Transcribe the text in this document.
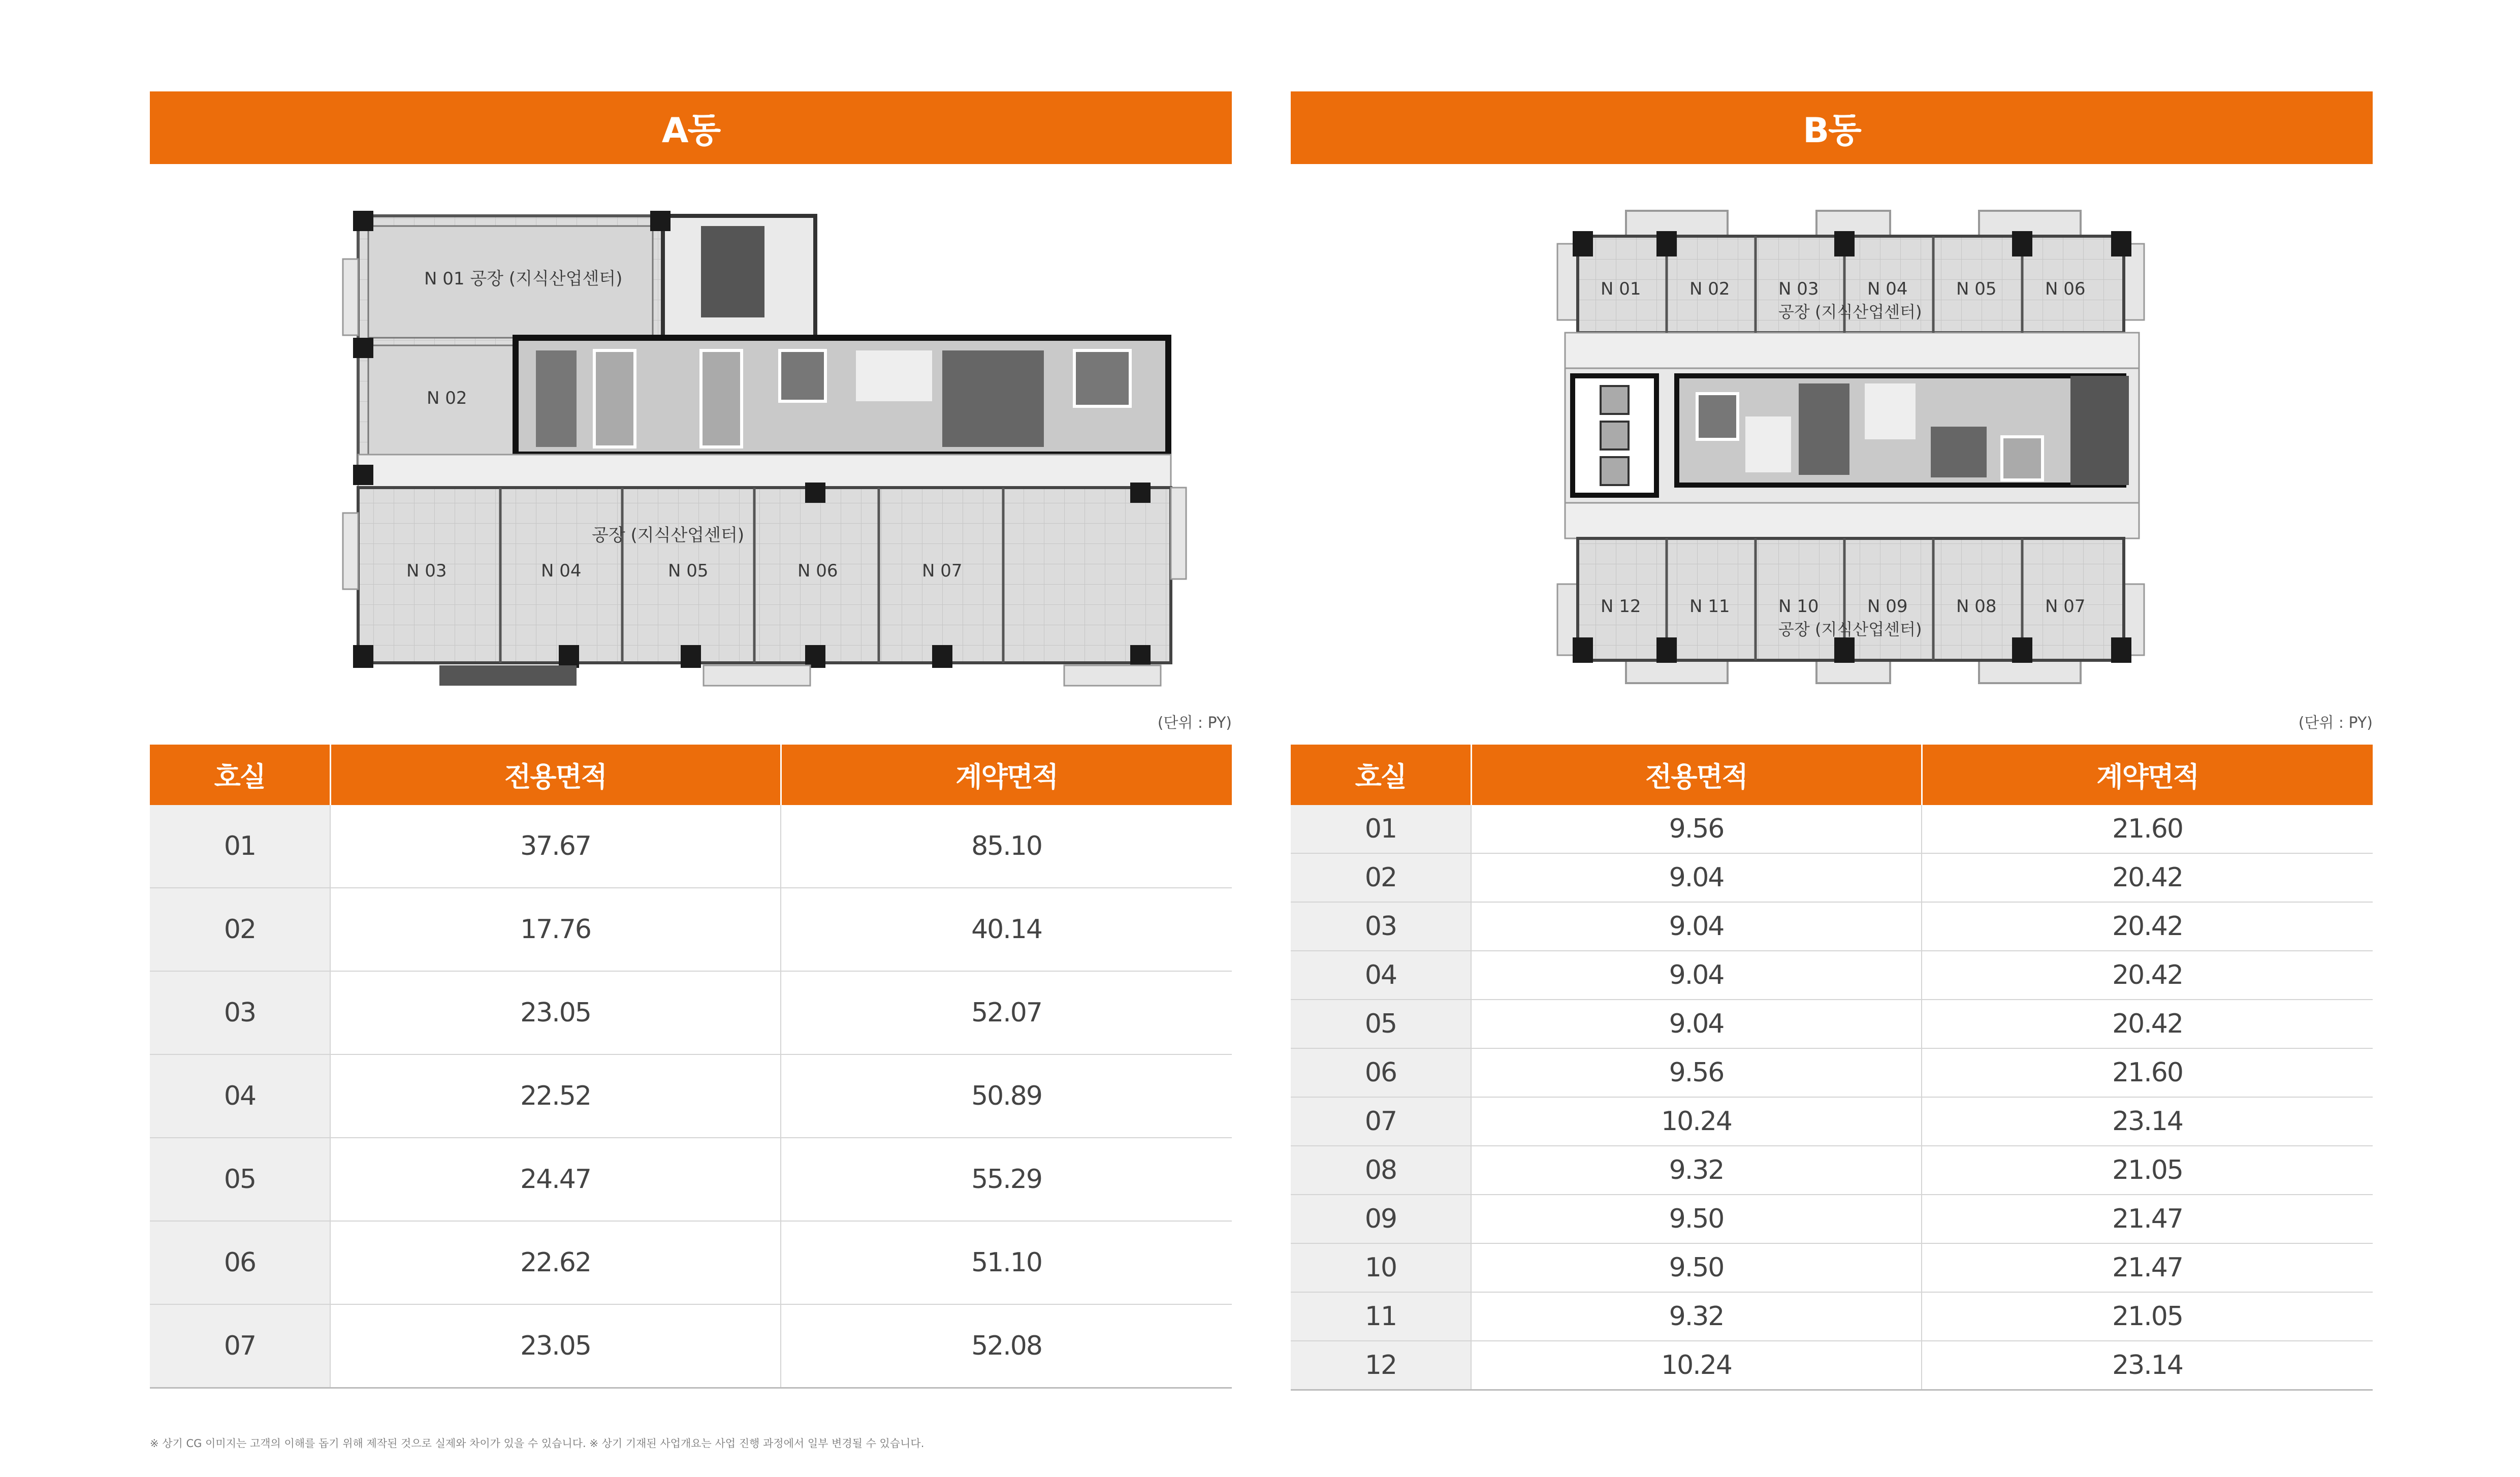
A동
N 01 공장 (지식산업센터)
N 02
공장 (지식산업센터)
N 03	N 04	N 05	N 06	N 07
(단위 : PY)
호실	전용면적	계약면적
01	37.67	85.10
02	17.76	40.14
03	23.05	52.07
04	22.52	50.89
05	24.47	55.29
06	22.62	51.10
07	23.05	52.08
B동
N 01	N 02	N 03	N 04	N 05	N 06
공장 (지식산업센터)
N 12	N 11	N 10	N 09	N 08	N 07
공장 (지식산업센터)
(단위 : PY)
호실	전용면적	계약면적
01	9.56	21.60
02	9.04	20.42
03	9.04	20.42
04	9.04	20.42
05	9.04	20.42
06	9.56	21.60
07	10.24	23.14
08	9.32	21.05
09	9.50	21.47
10	9.50	21.47
11	9.32	21.05
12	10.24	23.14
※ 상기 CG 이미지는 고객의 이해를 돕기 위해 제작된 것으로 실제와 차이가 있을 수 있습니다. ※ 상기 기재된 사업개요는 사업 진행 과정에서 일부 변경될 수 있습니다.
